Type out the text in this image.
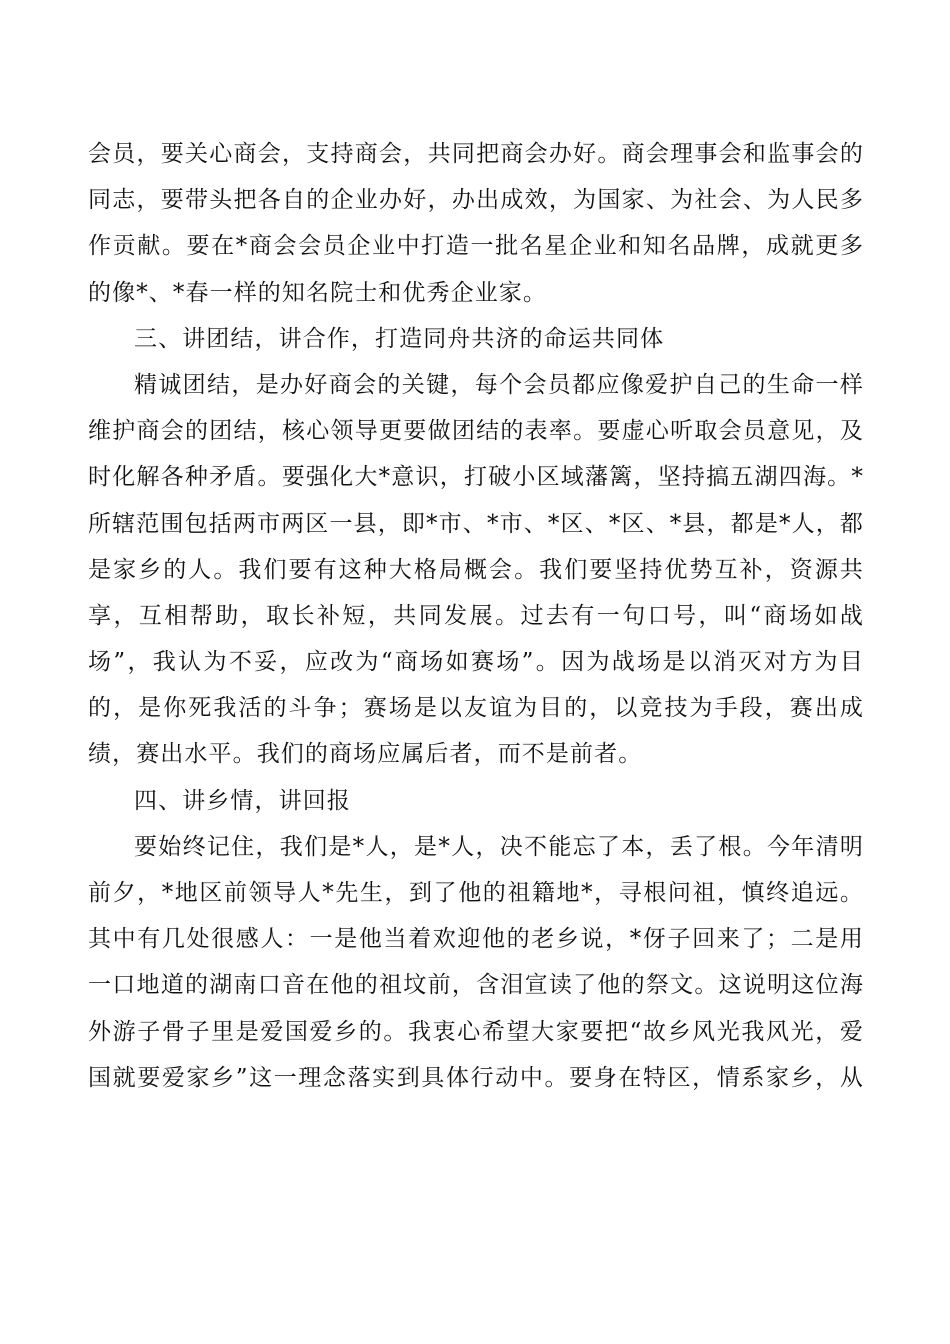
会员，要关心商会，支持商会，共同把商会办好。商会理事会和监事会的
同志，要带头把各自的企业办好，办出成效，为国家、为社会、为人民多
作贡献。要在*商会会员企业中打造一批名星企业和知名品牌，成就更多
的像*、*春一样的知名院士和优秀企业家。
三、讲团结，讲合作，打造同舟共济的命运共同体
精诚团结，是办好商会的关键，每个会员都应像爱护自己的生命一样
维护商会的团结，核心领导更要做团结的表率。要虚心听取会员意见，及
时化解各种矛盾。要强化大*意识，打破小区域藩篱，坚持搞五湖四海。*
所辖范围包括两市两区一县，即*市、*市、*区、*区、*县，都是*人，都
是家乡的人。我们要有这种大格局概会。我们要坚持优势互补，资源共
享，互相帮助，取长补短，共同发展。过去有一句口号，叫“商场如战
场”，我认为不妥，应改为“商场如赛场”。因为战场是以消灭对方为目
的，是你死我活的斗争；赛场是以友谊为目的，以竞技为手段，赛出成
绩，赛出水平。我们的商场应属后者，而不是前者。
四、讲乡情，讲回报
要始终记住，我们是*人，是*人，决不能忘了本，丢了根。今年清明
前夕，*地区前领导人*先生，到了他的祖籍地*，寻根问祖，慎终追远。
其中有几处很感人：一是他当着欢迎他的老乡说，*伢子回来了；二是用
一口地道的湖南口音在他的祖坟前，含泪宣读了他的祭文。这说明这位海
外游子骨子里是爱国爱乡的。我衷心希望大家要把“故乡风光我风光，爱
国就要爱家乡”这一理念落实到具体行动中。要身在特区，情系家乡，从
